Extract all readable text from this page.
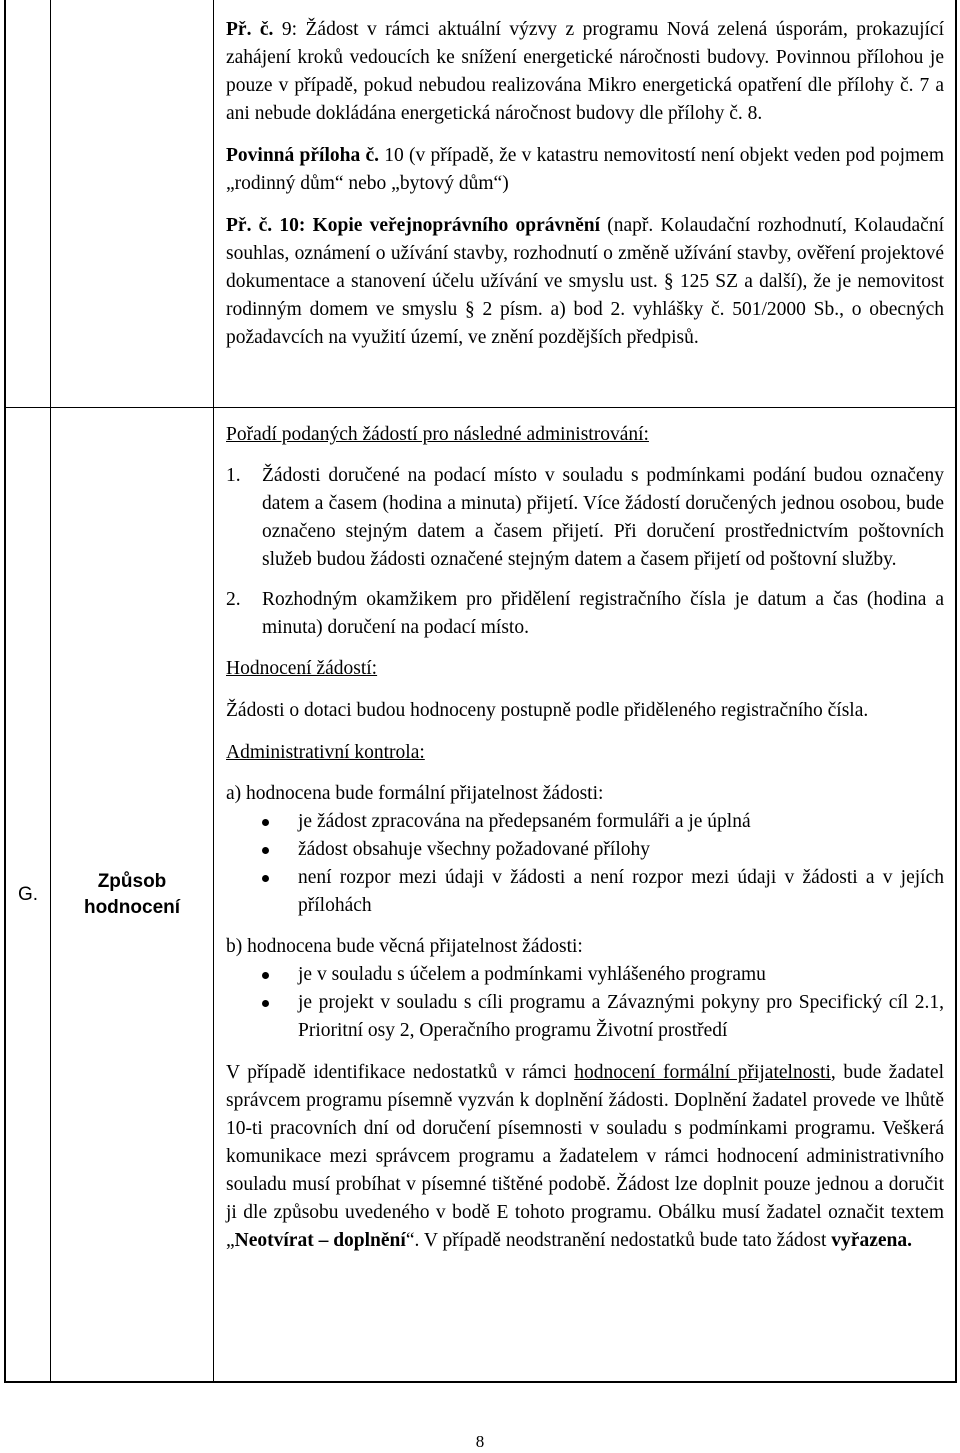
G.
Způsob hodnocení

Př. č. 9: Žádost v rámci aktuální výzvy z programu Nová zelená úsporám, prokazující zahájení kroků vedoucích ke snížení energetické náročnosti budovy. Povinnou přílohou je pouze v případě, pokud nebudou realizována Mikro energetická opatření dle přílohy č. 7 a ani nebude dokládána energetická náročnost budovy dle přílohy č. 8.

Povinná příloha č. 10 (v případě, že v katastru nemovitostí není objekt veden pod pojmem „rodinný dům“ nebo „bytový dům“)

Př. č. 10: Kopie veřejnoprávního oprávnění (např. Kolaudační rozhodnutí, Kolaudační souhlas, oznámení o užívání stavby, rozhodnutí o změně užívání stavby, ověření projektové dokumentace a stanovení účelu užívání ve smyslu ust. § 125 SZ a další), že je nemovitost rodinným domem ve smyslu § 2 písm. a) bod 2. vyhlášky č. 501/2000 Sb., o obecných požadavcích na využití území, ve znění pozdějších předpisů.

Pořadí podaných žádostí pro následné administrování:

1. Žádosti doručené na podací místo v souladu s podmínkami podání budou označeny datem a časem (hodina a minuta) přijetí. Více žádostí doručených jednou osobou, bude označeno stejným datem a časem přijetí. Při doručení prostřednictvím poštovních služeb budou žádosti označené stejným datem a časem přijetí od poštovní služby.
2. Rozhodným okamžikem pro přidělení registračního čísla je datum a čas (hodina a minuta) doručení na podací místo.

Hodnocení žádostí:

Žádosti o dotaci budou hodnoceny postupně podle přiděleného registračního čísla.

Administrativní kontrola:

a) hodnocena bude formální přijatelnost žádosti:

je žádost zpracována na předepsaném formuláři a je úplná
žádost obsahuje všechny požadované přílohy
není rozpor mezi údaji v žádosti a není rozpor mezi údaji v žádosti a v jejích přílohách

b) hodnocena bude věcná přijatelnost žádosti:

je v souladu s účelem a podmínkami vyhlášeného programu
je projekt v souladu s cíli programu a Závaznými pokyny pro Specifický cíl 2.1, Prioritní osy 2, Operačního programu Životní prostředí

V případě identifikace nedostatků v rámci hodnocení formální přijatelnosti, bude žadatel správcem programu písemně vyzván k doplnění žádosti. Doplnění žadatel provede ve lhůtě 10-ti pracovních dní od doručení písemnosti v souladu s podmínkami programu. Veškerá komunikace mezi správcem programu a žadatelem v rámci hodnocení administrativního souladu musí probíhat v písemné tištěné podobě. Žádost lze doplnit pouze jednou a doručit ji dle způsobu uvedeného v bodě E tohoto programu. Obálku musí žadatel označit textem „Neotvírat – doplnění“. V případě neodstranění nedostatků bude tato žádost vyřazena.

8
